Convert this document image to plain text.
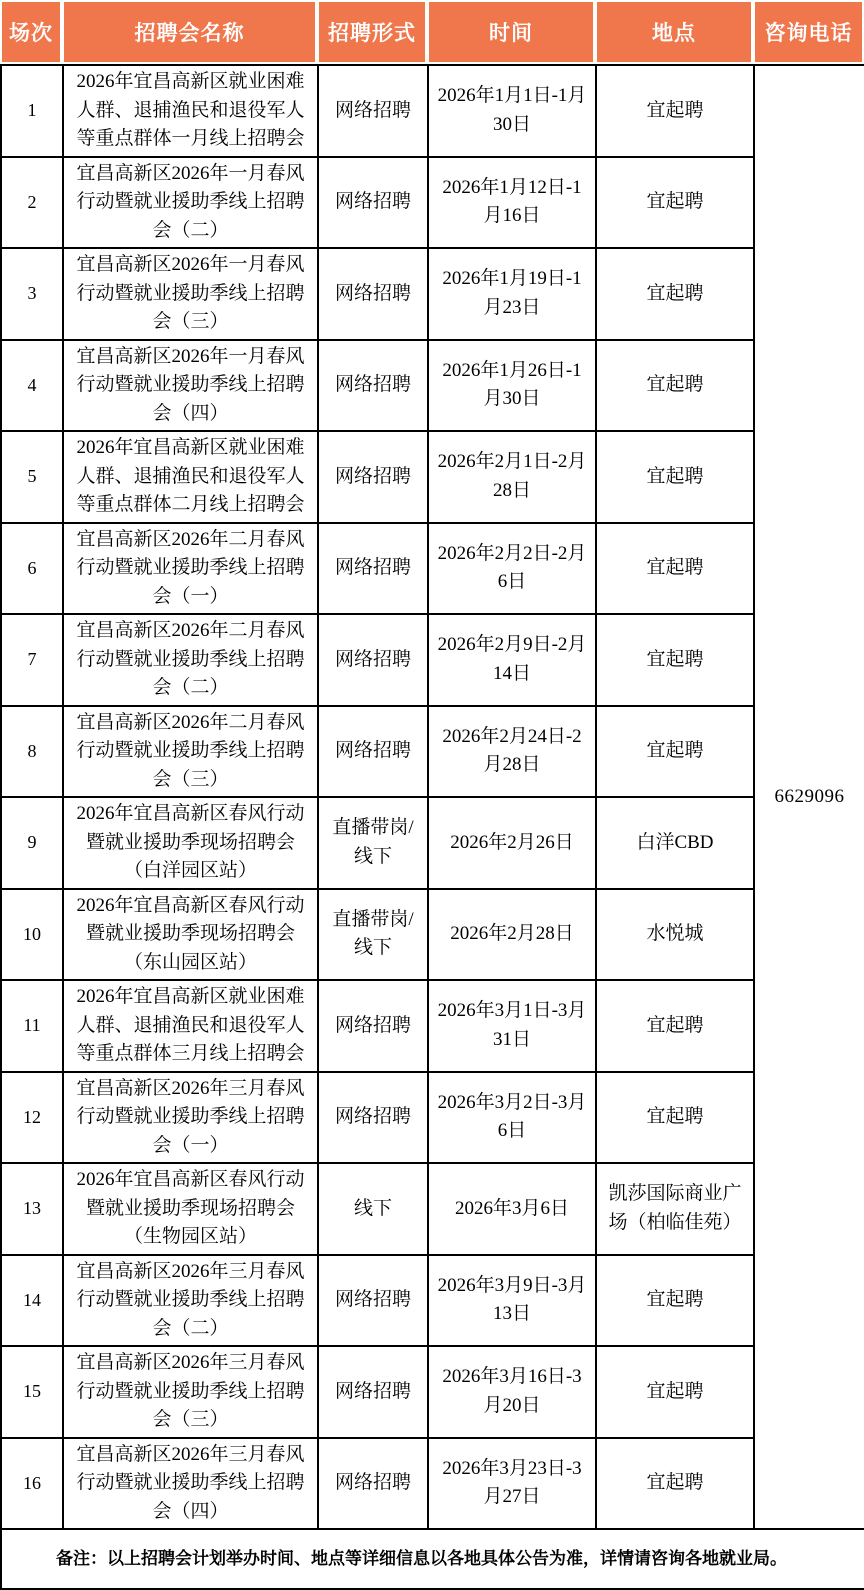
场次	招聘会名称	招聘形式	时间	地点	咨询电话
1	2026年宜昌高新区就业困难人群、退捕渔民和退役军人等重点群体一月线上招聘会	网络招聘	2026年1月1日-1月30日	宜起聘	6629096
2	宜昌高新区2026年一月春风行动暨就业援助季线上招聘会（二）	网络招聘	2026年1月12日-1月16日	宜起聘	
3	宜昌高新区2026年一月春风行动暨就业援助季线上招聘会（三）	网络招聘	2026年1月19日-1月23日	宜起聘	
4	宜昌高新区2026年一月春风行动暨就业援助季线上招聘会（四）	网络招聘	2026年1月26日-1月30日	宜起聘	
5	2026年宜昌高新区就业困难人群、退捕渔民和退役军人等重点群体二月线上招聘会	网络招聘	2026年2月1日-2月28日	宜起聘	
6	宜昌高新区2026年二月春风行动暨就业援助季线上招聘会（一）	网络招聘	2026年2月2日-2月6日	宜起聘	
7	宜昌高新区2026年二月春风行动暨就业援助季线上招聘会（二）	网络招聘	2026年2月9日-2月14日	宜起聘	
8	宜昌高新区2026年二月春风行动暨就业援助季线上招聘会（三）	网络招聘	2026年2月24日-2月28日	宜起聘	
9	2026年宜昌高新区春风行动暨就业援助季现场招聘会（白洋园区站）	直播带岗/线下	2026年2月26日	白洋CBD	
10	2026年宜昌高新区春风行动暨就业援助季现场招聘会（东山园区站）	直播带岗/线下	2026年2月28日	水悦城	
11	2026年宜昌高新区就业困难人群、退捕渔民和退役军人等重点群体三月线上招聘会	网络招聘	2026年3月1日-3月31日	宜起聘	
12	宜昌高新区2026年三月春风行动暨就业援助季线上招聘会（一）	网络招聘	2026年3月2日-3月6日	宜起聘	
13	2026年宜昌高新区春风行动暨就业援助季现场招聘会（生物园区站）	线下	2026年3月6日	凯莎国际商业广场（柏临佳苑）	
14	宜昌高新区2026年三月春风行动暨就业援助季线上招聘会（二）	网络招聘	2026年3月9日-3月13日	宜起聘	
15	宜昌高新区2026年三月春风行动暨就业援助季线上招聘会（三）	网络招聘	2026年3月16日-3月20日	宜起聘	
16	宜昌高新区2026年三月春风行动暨就业援助季线上招聘会（四）	网络招聘	2026年3月23日-3月27日	宜起聘	
备注：以上招聘会计划举办时间、地点等详细信息以各地具体公告为准，详情请咨询各地就业局。					
